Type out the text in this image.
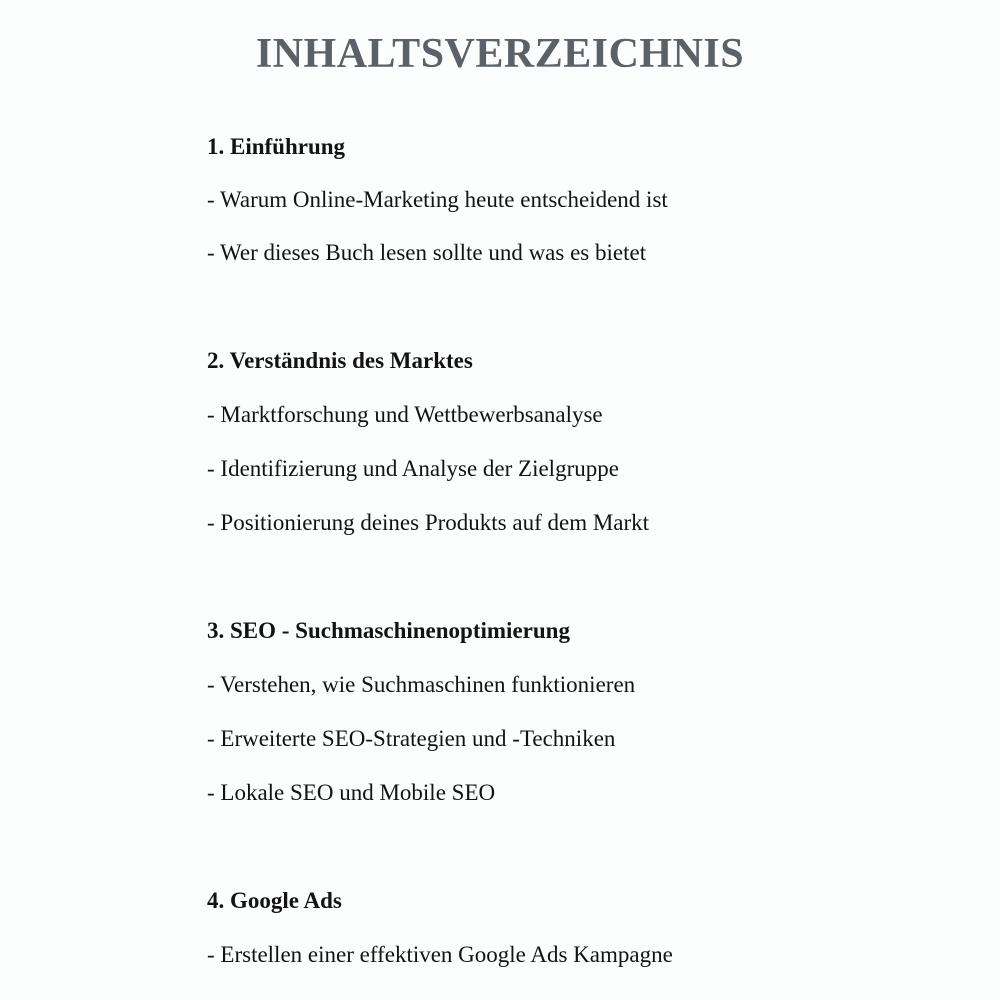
INHALTSVERZEICHNIS
1. Einführung
- Warum Online-Marketing heute entscheidend ist
- Wer dieses Buch lesen sollte und was es bietet
2. Verständnis des Marktes
- Marktforschung und Wettbewerbsanalyse
- Identifizierung und Analyse der Zielgruppe
- Positionierung deines Produkts auf dem Markt
3. SEO - Suchmaschinenoptimierung
- Verstehen, wie Suchmaschinen funktionieren
- Erweiterte SEO-Strategien und -Techniken
- Lokale SEO und Mobile SEO
4. Google Ads
- Erstellen einer effektiven Google Ads Kampagne
